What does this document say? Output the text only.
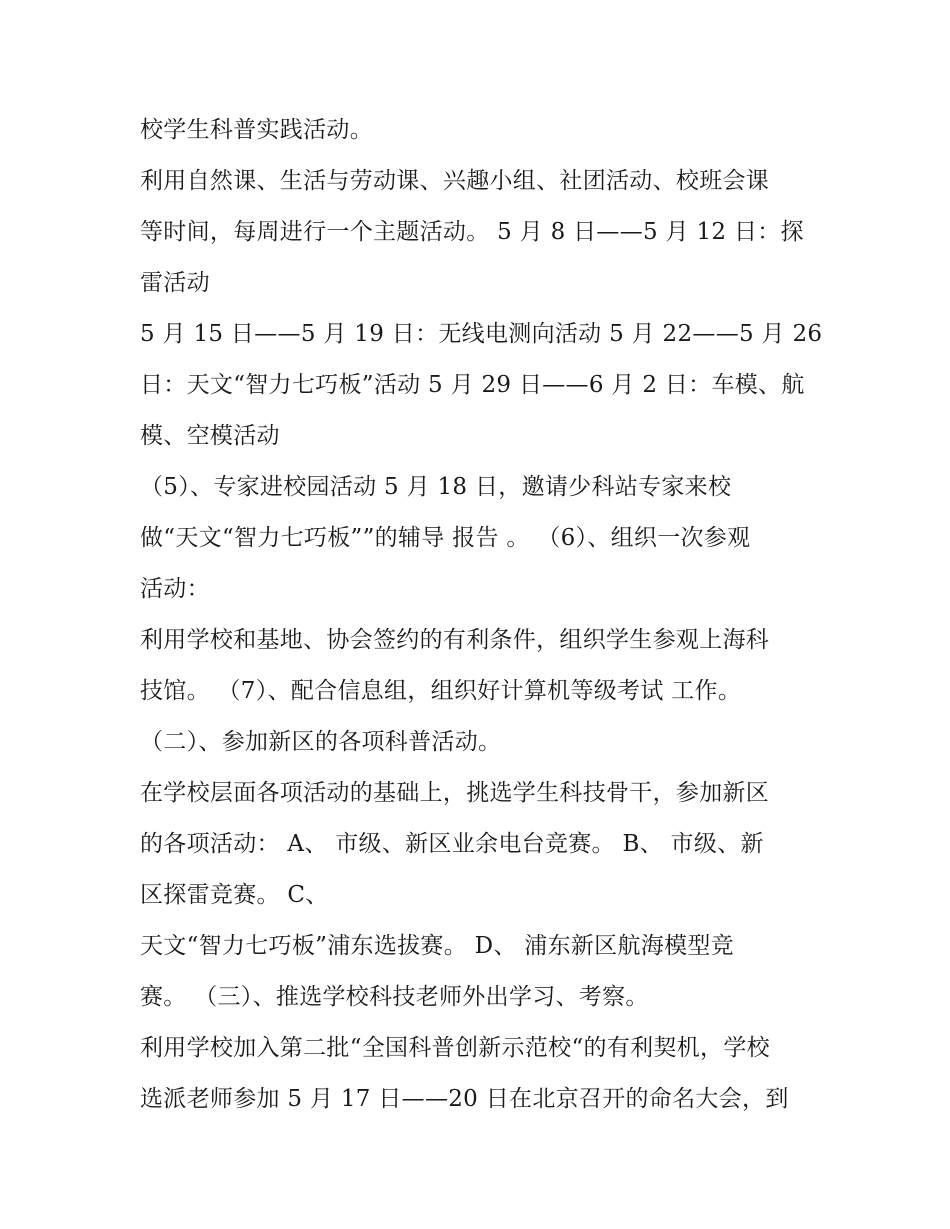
校学生科普实践活动。
利用自然课、生活与劳动课、兴趣小组、社团活动、校班会课
等时间，每周进行一个主题活动。 5 月 8 日——5 月 12 日：探
雷活动
5 月 15 日——5 月 19 日：无线电测向活动 5 月 22——5 月 26
日：天文“智力七巧板”活动 5 月 29 日——6 月 2 日：车模、航
模、空模活动
（5）、专家进校园活动 5 月 18 日，邀请少科站专家来校
做“天文“智力七巧板””的辅导 报告 。 （6）、组织一次参观
活动：
利用学校和基地、协会签约的有利条件，组织学生参观上海科
技馆。 （7）、配合信息组，组织好计算机等级考试 工作。
（二）、参加新区的各项科普活动。
在学校层面各项活动的基础上，挑选学生科技骨干，参加新区
的各项活动： A、 市级、新区业余电台竞赛。 B、 市级、新
区探雷竞赛。 C、
天文“智力七巧板”浦东选拔赛。 D、 浦东新区航海模型竞
赛。 （三）、推选学校科技老师外出学习、考察。
利用学校加入第二批“全国科普创新示范校“的有利契机，学校
选派老师参加 5 月 17 日——20 日在北京召开的命名大会，到
